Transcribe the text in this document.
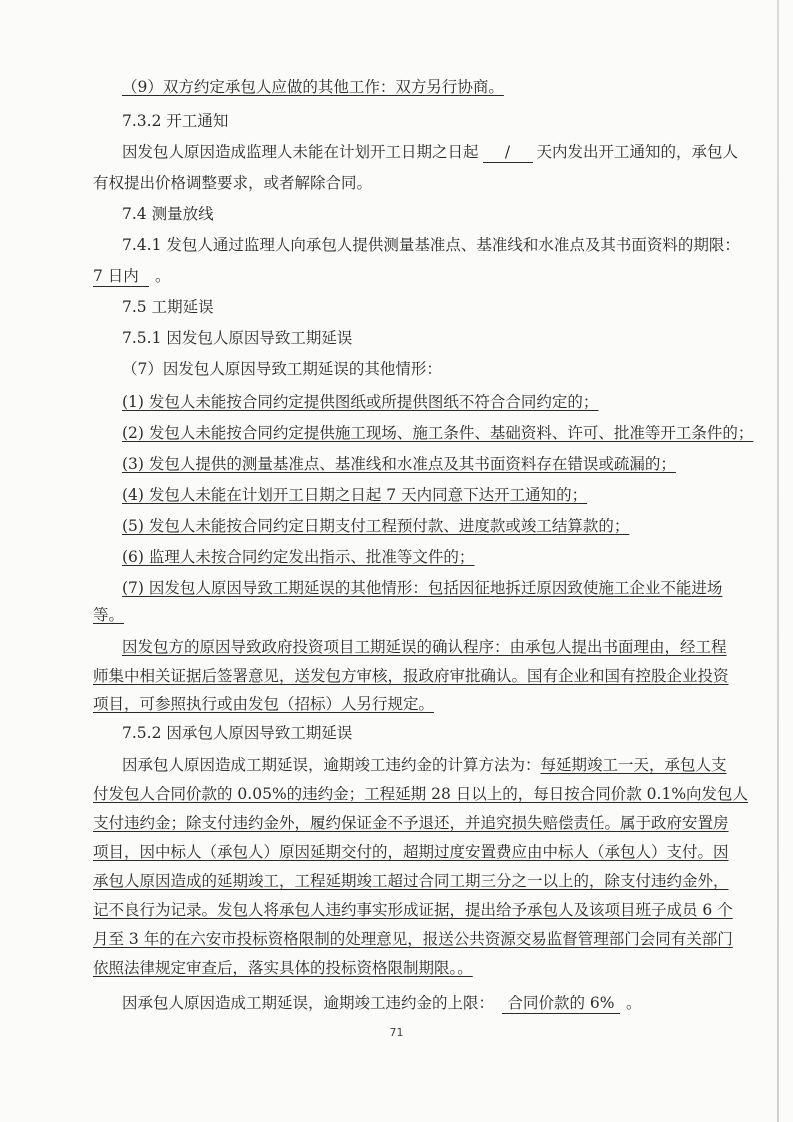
（9）双方约定承包人应做的其他工作：双方另行协商。
7.3.2 开工通知
因发包人原因造成监理人未能在计划开工日期之日起 / 天内发出开工通知的，承包人
有权提出价格调整要求，或者解除合同。
7.4 测量放线
7.4.1 发包人通过监理人向承包人提供测量基准点、基准线和水准点及其书面资料的期限：
7 日内 。
7.5 工期延误
7.5.1 因发包人原因导致工期延误
（7）因发包人原因导致工期延误的其他情形：
(1) 发包人未能按合同约定提供图纸或所提供图纸不符合合同约定的；
(2) 发包人未能按合同约定提供施工现场、施工条件、基础资料、许可、批准等开工条件的；
(3) 发包人提供的测量基准点、基准线和水准点及其书面资料存在错误或疏漏的；
(4) 发包人未能在计划开工日期之日起 7 天内同意下达开工通知的；
(5) 发包人未能按合同约定日期支付工程预付款、进度款或竣工结算款的；
(6) 监理人未按合同约定发出指示、批准等文件的；
(7) 因发包人原因导致工期延误的其他情形：包括因征地拆迁原因致使施工企业不能进场
等。
因发包方的原因导致政府投资项目工期延误的确认程序：由承包人提出书面理由，经工程
师集中相关证据后签署意见，送发包方审核，报政府审批确认。国有企业和国有控股企业投资
项目，可参照执行或由发包（招标）人另行规定。
7.5.2 因承包人原因导致工期延误
因承包人原因造成工期延误，逾期竣工违约金的计算方法为：每延期竣工一天，承包人支
付发包人合同价款的 0.05%的违约金；工程延期 28 日以上的，每日按合同价款 0.1%向发包人
支付违约金；除支付违约金外，履约保证金不予退还，并追究损失赔偿责任。属于政府安置房
项目，因中标人（承包人）原因延期交付的，超期过度安置费应由中标人（承包人）支付。因
承包人原因造成的延期竣工，工程延期竣工超过合同工期三分之一以上的，除支付违约金外，
记不良行为记录。发包人将承包人违约事实形成证据，提出给予承包人及该项目班子成员 6 个
月至 3 年的在六安市投标资格限制的处理意见，报送公共资源交易监督管理部门会同有关部门
依照法律规定审查后，落实具体的投标资格限制期限。。
因承包人原因造成工期延误，逾期竣工违约金的上限： 合同价款的 6% 。
71
